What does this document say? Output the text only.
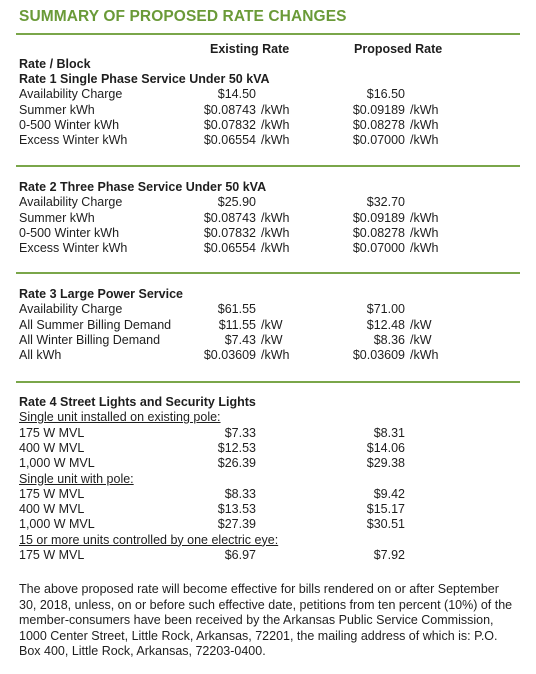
SUMMARY OF PROPOSED RATE CHANGES
Existing Rate	Proposed Rate
Rate / Block
Rate 1 Single Phase Service Under 50 kVA
Availability Charge	$14.50	$16.50
Summer kWh	$0.08743 /kWh	$0.09189 /kWh
0-500 Winter kWh	$0.07832 /kWh	$0.08278 /kWh
Excess Winter kWh	$0.06554 /kWh	$0.07000 /kWh
Rate 2 Three Phase Service Under 50 kVA
Availability Charge	$25.90	$32.70
Summer kWh	$0.08743 /kWh	$0.09189 /kWh
0-500 Winter kWh	$0.07832 /kWh	$0.08278 /kWh
Excess Winter kWh	$0.06554 /kWh	$0.07000 /kWh
Rate 3 Large Power Service
Availability Charge	$61.55	$71.00
All Summer Billing Demand	$11.55 /kW	$12.48 /kW
All Winter Billing Demand	$7.43 /kW	$8.36 /kW
All kWh	$0.03609 /kWh	$0.03609 /kWh
Rate 4 Street Lights and Security Lights
Single unit installed on existing pole:
175 W MVL	$7.33	$8.31
400 W MVL	$12.53	$14.06
1,000 W MVL	$26.39	$29.38
Single unit with pole:
175 W MVL	$8.33	$9.42
400 W MVL	$13.53	$15.17
1,000 W MVL	$27.39	$30.51
15 or more units controlled by one electric eye:
175 W MVL	$6.97	$7.92
The above proposed rate will become effective for bills rendered on or after September 30, 2018, unless, on or before such effective date, petitions from ten percent (10%) of the member-consumers have been received by the Arkansas Public Service Commission, 1000 Center Street, Little Rock, Arkansas, 72201, the mailing address of which is: P.O. Box 400, Little Rock, Arkansas, 72203-0400.
